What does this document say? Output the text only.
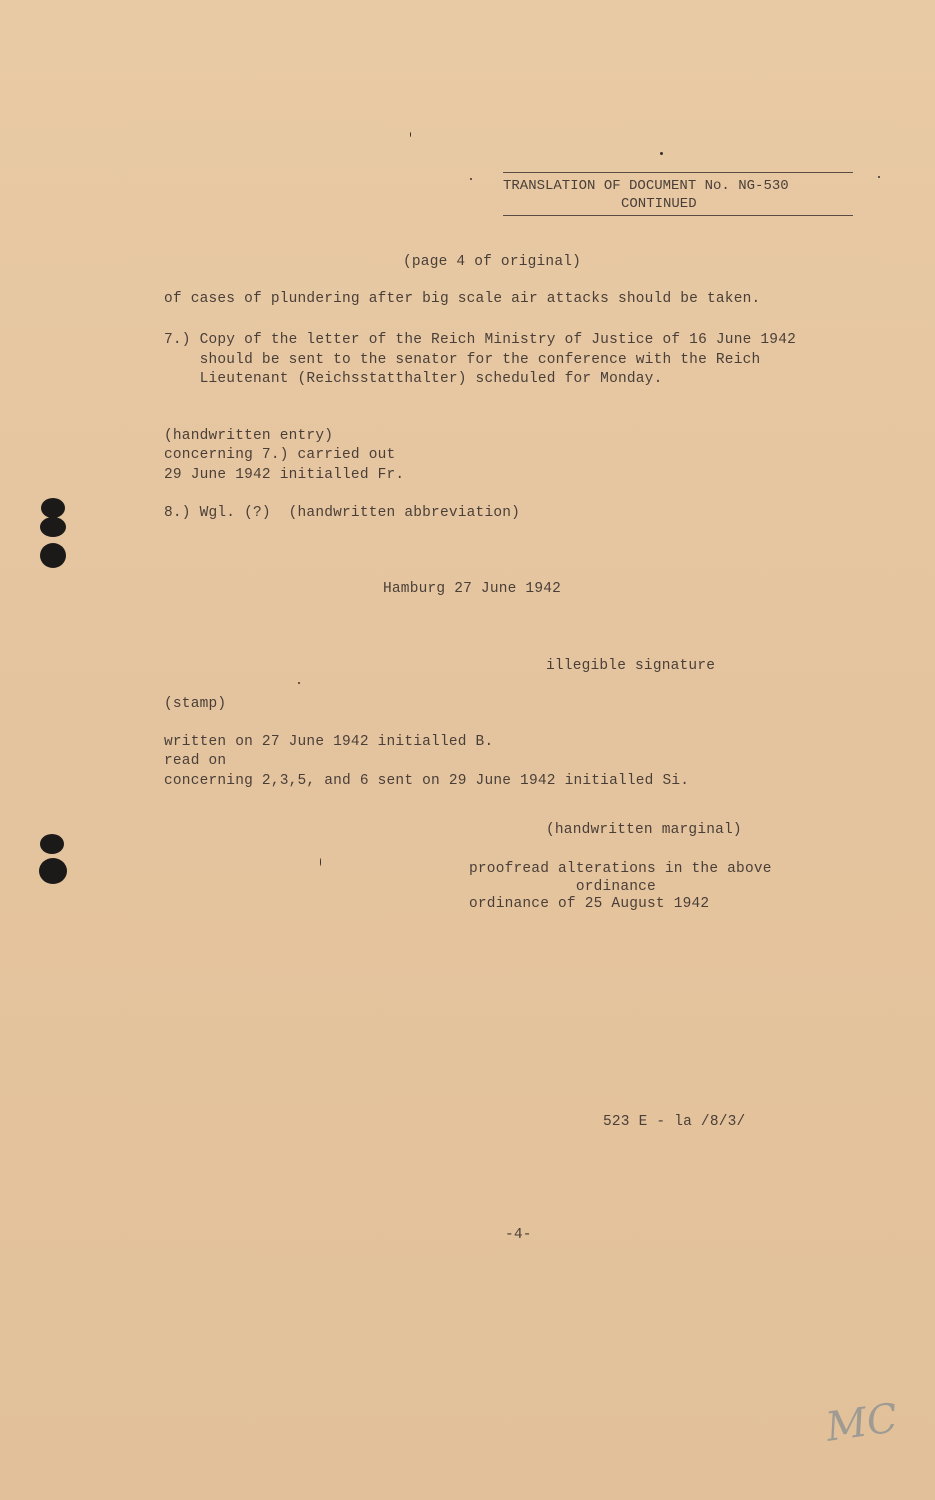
TRANSLATION OF DOCUMENT No. NG-530
CONTINUED
(page 4 of original)
of cases of plundering after big scale air attacks should be taken.
7.) Copy of the letter of the Reich Ministry of Justice of 16 June 1942
should be sent to the senator for the conference with the Reich
Lieutenant (Reichsstatthalter) scheduled for Monday.
(handwritten entry)
concerning 7.) carried out
29 June 1942 initialled Fr.
8.) Wgl. (?)  (handwritten abbreviation)
Hamburg 27 June 1942
illegible signature
(stamp)
written on 27 June 1942 initialled B.
read on
concerning 2,3,5, and 6 sent on 29 June 1942 initialled Si.
(handwritten marginal)
proofread alterations in the above
ordinance
ordinance of 25 August 1942
523 E - la /8/3/
-4-
MC
